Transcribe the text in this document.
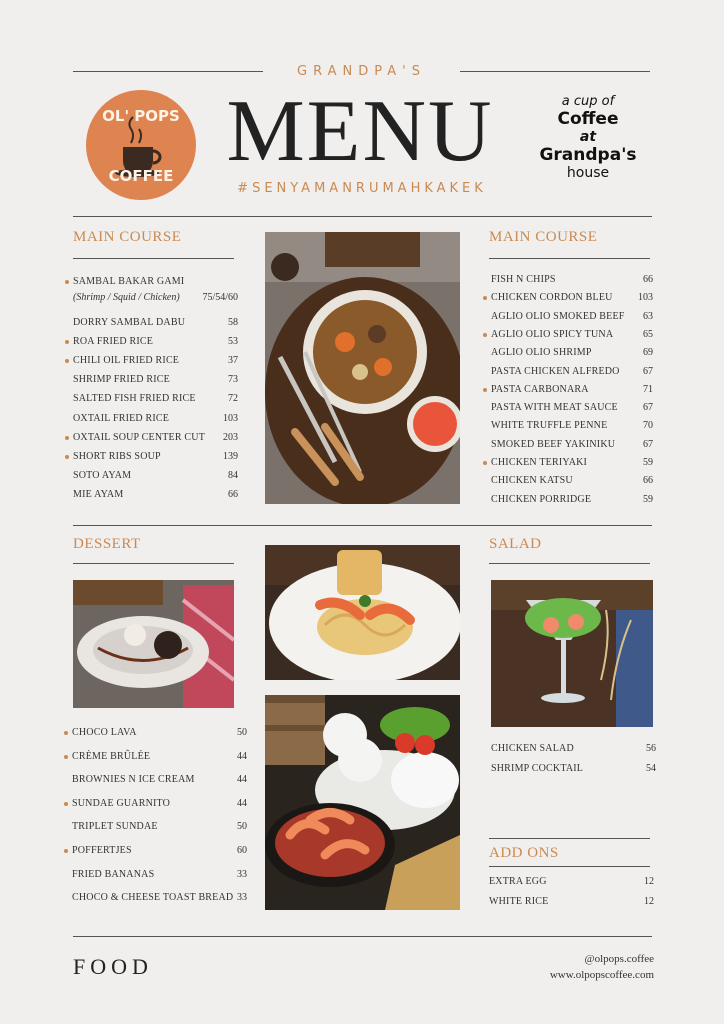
GRANDPA'S
OL' POPS
COFFEE MENU
#SENYAMANRUMAHKAKEK
a cup of
Coffee
at
Grandpa's
house
MAIN COURSE
SAMBAL BAKAR GAMI
(Shrimp / Squid / Chicken)	75/54/60
DORRY SAMBAL DABU	58
ROA FRIED RICE	53
CHILI OIL FRIED RICE	37
SHRIMP FRIED RICE	73
SALTED FISH FRIED RICE	72
OXTAIL FRIED RICE	103
OXTAIL SOUP CENTER CUT	203
SHORT RIBS SOUP	139
SOTO AYAM	84
MIE AYAM	66
MAIN COURSE
FISH N CHIPS	66
CHICKEN CORDON BLEU	103
AGLIO OLIO SMOKED BEEF	63
AGLIO OLIO SPICY TUNA	65
AGLIO OLIO SHRIMP	69
PASTA CHICKEN ALFREDO	67
PASTA CARBONARA	71
PASTA WITH MEAT SAUCE	67
WHITE TRUFFLE PENNE	70
SMOKED BEEF YAKINIKU	67
CHICKEN TERIYAKI	59
CHICKEN KATSU	66
CHICKEN PORRIDGE	59
DESSERT
CHOCO LAVA	50
CRÈME BRÛLÉE	44
BROWNIES N ICE CREAM	44
SUNDAE GUARNITO	44
TRIPLET SUNDAE	50
POFFERTJES	60
FRIED BANANAS	33
CHOCO & CHEESE TOAST BREAD 33
SALAD
CHICKEN SALAD	56
SHRIMP COCKTAIL	54
ADD ONS
EXTRA EGG	12
WHITE RICE	12
FOOD	@olpops.coffee
www.olpopscoffee.com
